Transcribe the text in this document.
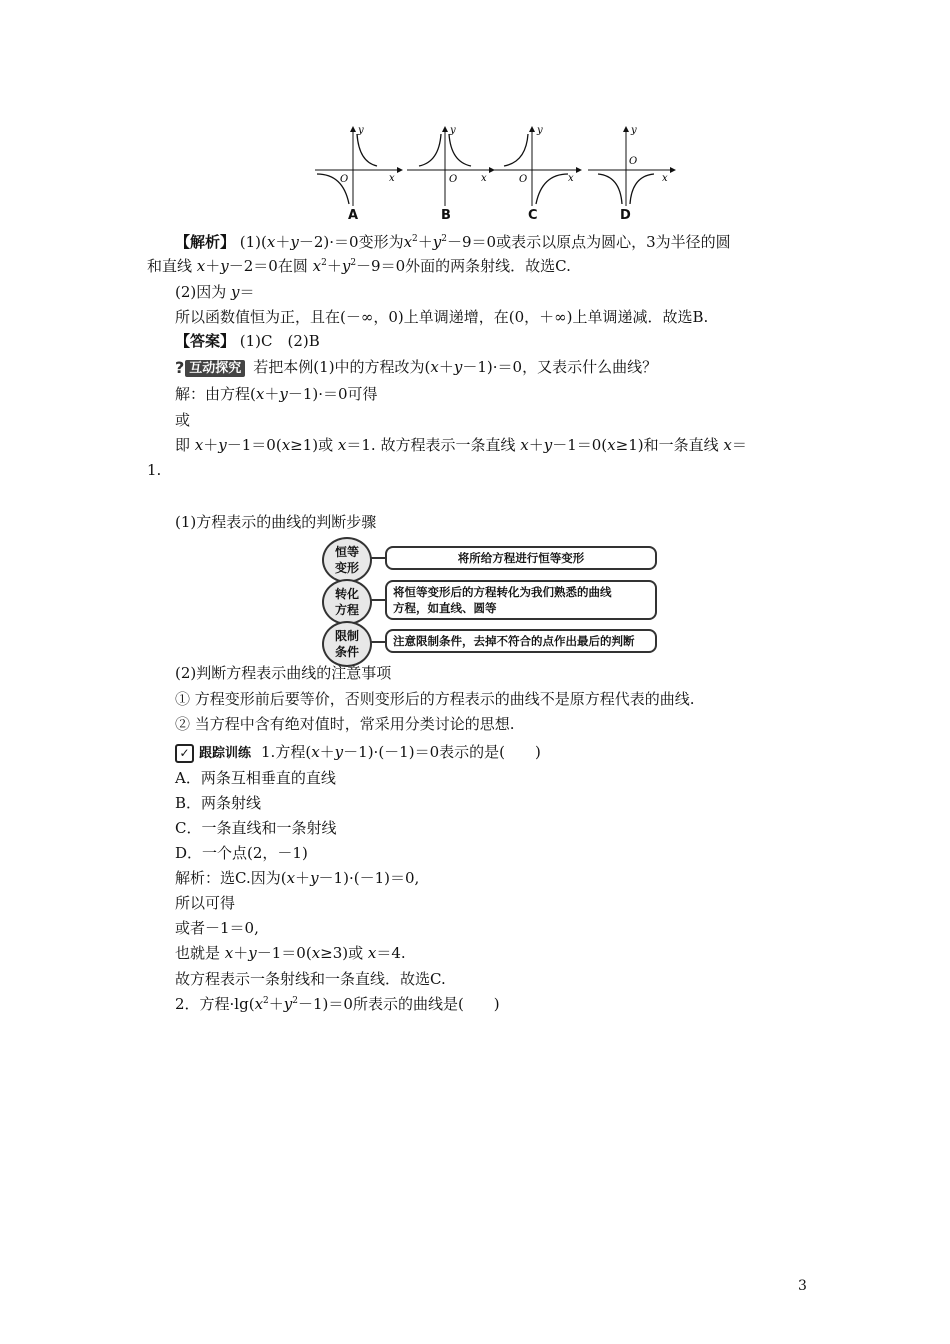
y
x
O
A
y
x
O
B
y
x
O
C
y
x
O
D
【解析】 (1)(x＋y－2)·＝0变形为$x^2+y^2-9=0$或表示以原点为圆心，3为半径的圆
和直线 x＋y－2＝0在圆 $x^2+y^2-9=0$外面的两条射线．故选C.
(2)因为 y＝
所以函数值恒为正，且在(－∞，0)上单调递增，在(0，＋∞)上单调递减．故选B.
【答案】 (1)C　(2)B
? 互动探究 若把本例(1)中的方程改为(x＋y－1)·＝0，又表示什么曲线？
解：由方程(x＋y－1)·＝0可得
或
即 x＋y－1＝0(x≥1)或 x＝1. 故方程表示一条直线 x＋y－1＝0(x≥1)和一条直线 x＝
1.
(1)方程表示的曲线的判断步骤
恒等
变形
将所给方程进行恒等变形
转化
方程
将恒等变形后的方程转化为我们熟悉的曲线
方程，如直线、圆等
限制
条件
注意限制条件，去掉不符合的点作出最后的判断
(2)判断方程表示曲线的注意事项
① 方程变形前后要等价，否则变形后的方程表示的曲线不是原方程代表的曲线.
② 当方程中含有绝对值时，常采用分类讨论的思想.
✓ 跟踪训练 1.方程(x＋y－1)·(－1)＝0表示的是(　　)
A．两条互相垂直的直线
B．两条射线
C．一条直线和一条射线
D．一个点(2，－1)
解析：选C.因为(x＋y－1)·(－1)＝0,
所以可得
或者－1＝0,
也就是 x＋y－1＝0(x≥3)或 x＝4.
故方程表示一条射线和一条直线．故选C.
2．方程$\cdot\lg(x^2+y^2-1)=0$所表示的曲线是(　　)
3
